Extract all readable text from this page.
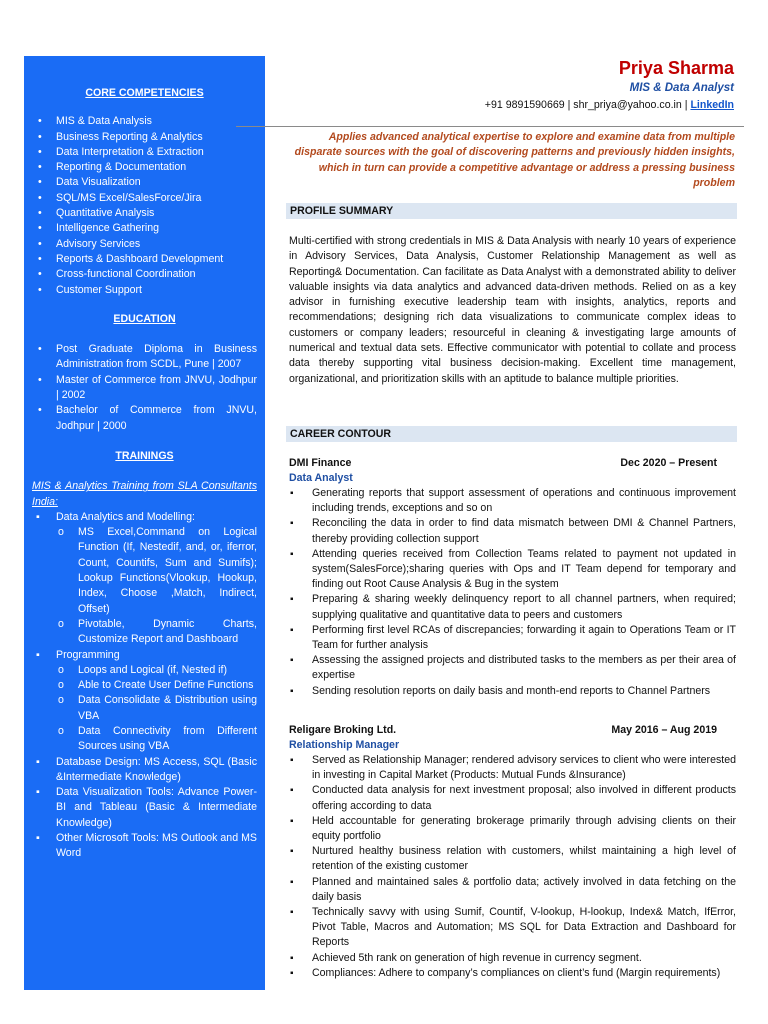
CORE COMPETENCIES

• MIS & Data Analysis
• Business Reporting & Analytics
• Data Interpretation & Extraction
• Reporting & Documentation
• Data Visualization
• SQL/MS Excel/SalesForce/Jira
• Quantitative Analysis
• Intelligence Gathering
• Advisory Services
• Reports & Dashboard Development
• Cross-functional Coordination
• Customer Support

EDUCATION

• Post Graduate Diploma in Business Administration from SCDL, Pune | 2007
• Master of Commerce from JNVU, Jodhpur | 2002
• Bachelor of Commerce from JNVU, Jodhpur | 2000

TRAININGS

MIS & Analytics Training from SLA Consultants India:

▪ Data Analytics and Modelling:
o MS Excel,Command on Logical Function (If, Nestedif, and, or, iferror, Count, Countifs, Sum and Sumifs); Lookup Functions(Vlookup, Hookup, Index, Choose ,Match, Indirect, Offset)
o Pivotable, Dynamic Charts, Customize Report and Dashboard
▪ Programming
o Loops and Logical (if, Nested if)
o Able to Create User Define Functions
o Data Consolidate & Distribution using VBA
o Data Connectivity from Different Sources using VBA
▪ Database Design: MS Access, SQL (Basic &Intermediate Knowledge)
▪ Data Visualization Tools: Advance Power-BI and Tableau (Basic & Intermediate Knowledge)
▪ Other Microsoft Tools: MS Outlook and MS Word
Priya Sharma
MIS & Data Analyst
+91 9891590669 | shr_priya@yahoo.co.in | LinkedIn
Applies advanced analytical expertise to explore and examine data from multiple disparate sources with the goal of discovering patterns and previously hidden insights, which in turn can provide a competitive advantage or address a pressing business problem
PROFILE SUMMARY

Multi-certified with strong credentials in MIS & Data Analysis with nearly 10 years of experience in Advisory Services, Data Analysis, Customer Relationship Management as well as Reporting& Documentation. Can facilitate as Data Analyst with a demonstrated ability to deliver valuable insights via data analytics and advanced data-driven methods. Relied on as a key advisor in furnishing executive leadership team with insights, analytics, reports and recommendations; designing rich data visualizations to communicate complex ideas to customers or company leaders; resourceful in cleaning & investigating large amounts of numerical and textual data sets. Effective communicator with potential to collate and process data thereby supporting vital business decision-making. Excellent time management, organizational, and prioritization skills with an aptitude to balance multiple priorities.

CAREER CONTOUR
DMI Finance	Dec 2020 – Present
Data Analyst
▪ Generating reports that support assessment of operations and continuous improvement including trends, exceptions and so on
▪ Reconciling the data in order to find data mismatch between DMI & Channel Partners, thereby providing collection support
▪ Attending queries received from Collection Teams related to payment not updated in system(SalesForce);sharing queries with Ops and IT Team depend for temporary and finding out Root Cause Analysis & Bug in the system
▪ Preparing & sharing weekly delinquency report to all channel partners, when required; supplying qualitative and quantitative data to peers and customers
▪ Performing first level RCAs of discrepancies; forwarding it again to Operations Team or IT Team for further analysis
▪ Assessing the assigned projects and distributed tasks to the members as per their area of expertise
▪ Sending resolution reports on daily basis and month-end reports to Channel Partners
Religare Broking Ltd.	May 2016 – Aug 2019
Relationship Manager
▪ Served as Relationship Manager; rendered advisory services to client who were interested in investing in Capital Market (Products: Mutual Funds &Insurance)
▪ Conducted data analysis for next investment proposal; also involved in different products offering according to data
▪ Held accountable for generating brokerage primarily through advising clients on their equity portfolio
▪ Nurtured healthy business relation with customers, whilst maintaining a high level of retention of the existing customer
▪ Planned and maintained sales & portfolio data; actively involved in data fetching on the daily basis
▪ Technically savvy with using Sumif, Countif, V-lookup, H-lookup, Index& Match, IfError, Pivot Table, Macros and Automation; MS SQL for Data Extraction and Dashboard for Reports
▪ Achieved 5th rank on generation of high revenue in currency segment.
▪ Compliances: Adhere to company’s compliances on client’s fund (Margin requirements)
